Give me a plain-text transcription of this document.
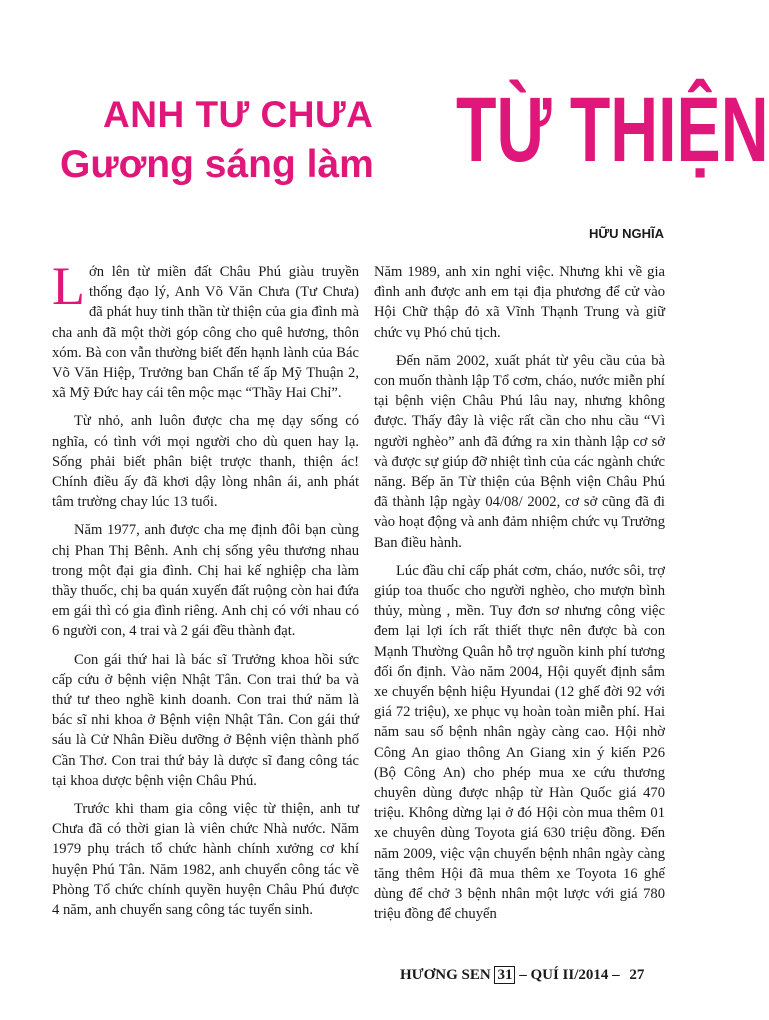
ANH TƯ CHƯA
Gương sáng làm TỪ THIỆN
HỮU NGHĨA

Lớn lên từ miền đất Châu Phú giàu truyền thống đạo lý, Anh Võ Văn Chưa (Tư Chưa) đã phát huy tinh thần từ thiện của gia đình mà cha anh đã một thời góp công cho quê hương, thôn xóm. Bà con vẫn thường biết đến hạnh lành của Bác Võ Văn Hiệp, Trưởng ban Chẩn tế ấp Mỹ Thuận 2, xã Mỹ Đức hay cái tên mộc mạc “Thầy Hai Chỉ”.

Từ nhỏ, anh luôn được cha mẹ dạy sống có nghĩa, có tình với mọi người cho dù quen hay lạ. Sống phải biết phân biệt trược thanh, thiện ác! Chính điều ấy đã khơi dậy lòng nhân ái, anh phát tâm trường chay lúc 13 tuổi.

Năm 1977, anh được cha mẹ định đôi bạn cùng chị Phan Thị Bênh. Anh chị sống yêu thương nhau trong một đại gia đình. Chị hai kế nghiệp cha làm thầy thuốc, chị ba quán xuyến đất ruộng còn hai đứa em gái thì có gia đình riêng. Anh chị có với nhau có 6 người con, 4 trai và 2 gái đều thành đạt.

Con gái thứ hai là bác sĩ Trưởng khoa hồi sức cấp cứu ở bệnh viện Nhật Tân. Con trai thứ ba và thứ tư theo nghề kinh doanh. Con trai thứ năm là bác sĩ nhi khoa ở Bệnh viện Nhật Tân. Con gái thứ sáu là Cử Nhân Điều dưỡng ở Bệnh viện thành phố Cần Thơ. Con trai thứ bảy là dược sĩ đang công tác tại khoa dược bệnh viện Châu Phú.

Trước khi tham gia công việc từ thiện, anh tư Chưa đã có thời gian là viên chức Nhà nước. Năm 1979 phụ trách tổ chức hành chính xưởng cơ khí huyện Phú Tân. Năm 1982, anh chuyển công tác về Phòng Tổ chức chính quyền huyện Châu Phú được 4 năm, anh chuyển sang công tác tuyển sinh.

Năm 1989, anh xin nghỉ việc. Nhưng khi về gia đình anh được anh em tại địa phương để cử vào Hội Chữ thập đỏ xã Vĩnh Thạnh Trung và giữ chức vụ Phó chủ tịch.

Đến năm 2002, xuất phát từ yêu cầu của bà con muốn thành lập Tổ cơm, cháo, nước miễn phí tại bệnh viện Châu Phú lâu nay, nhưng không được. Thấy đây là việc rất cần cho nhu cầu “Vì người nghèo” anh đã đứng ra xin thành lập cơ sở và được sự giúp đỡ nhiệt tình của các ngành chức năng. Bếp ăn Từ thiện của Bệnh viện Châu Phú đã thành lập ngày 04/08/ 2002, cơ sở cũng đã đi vào hoạt động và anh đảm nhiệm chức vụ Trưởng Ban điều hành.

Lúc đầu chỉ cấp phát cơm, cháo, nước sôi, trợ giúp toa thuốc cho người nghèo, cho mượn bình thủy, mùng , mền. Tuy đơn sơ nhưng công việc đem lại lợi ích rất thiết thực nên được bà con Mạnh Thường Quân hỗ trợ nguồn kinh phí tương đối ổn định. Vào năm 2004, Hội quyết định sắm xe chuyển bệnh hiệu Hyundai (12 ghế đời 92 với giá 72 triệu), xe phục vụ hoàn toàn miễn phí. Hai năm sau số bệnh nhân ngày càng cao. Hội nhờ Công An giao thông An Giang xin ý kiến P26 (Bộ Công An) cho phép mua xe cứu thương chuyên dùng được nhập từ Hàn Quốc giá 470 triệu. Không dừng lại ở đó Hội còn mua thêm 01 xe chuyên dùng Toyota giá 630 triệu đồng. Đến năm 2009, việc vận chuyển bệnh nhân ngày càng tăng thêm Hội đã mua thêm xe Toyota 16 ghế dùng để chở 3 bệnh nhân một lược với giá 780 triệu đồng để chuyển

HƯƠNG SEN 31 – QUÍ II/2014 – 27
